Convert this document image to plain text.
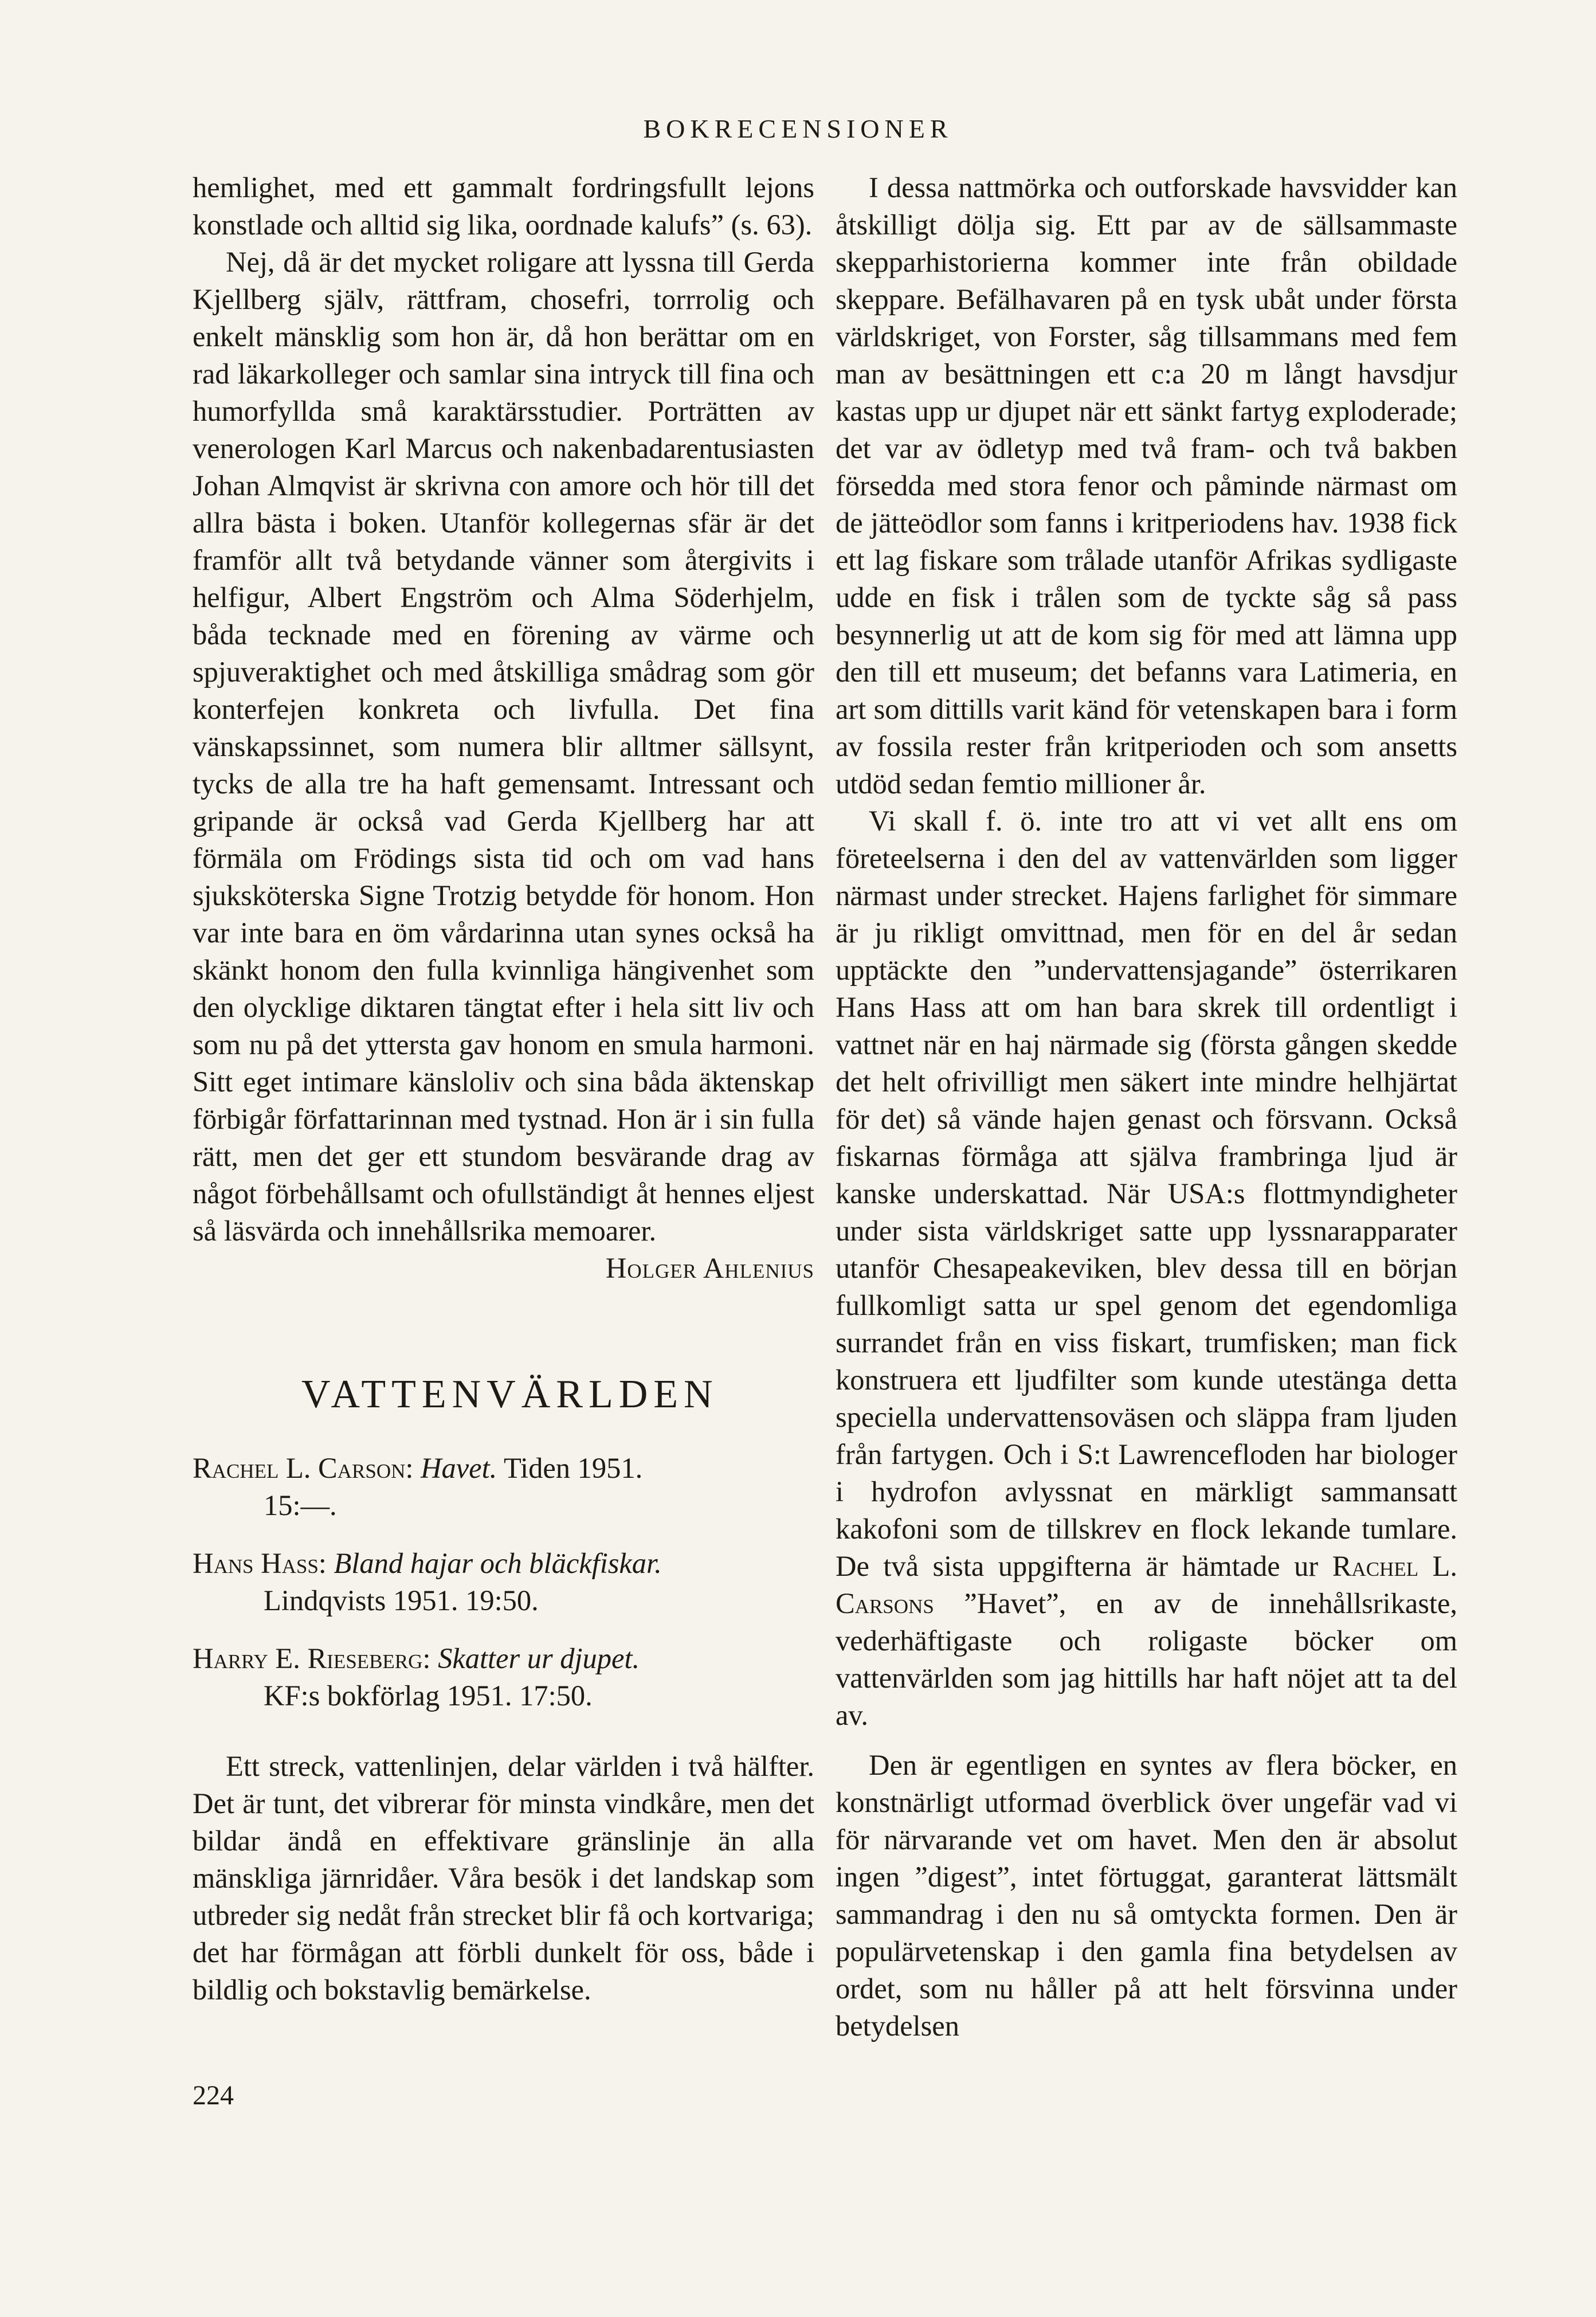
BOKRECENSIONER

hemlighet, med ett gammalt fordringsfullt lejons konstlade och alltid sig lika, oordnade kalufs” (s. 63).

Nej, då är det mycket roligare att lyssna till Gerda Kjellberg själv, rättfram, chosefri, torrrolig och enkelt mänsklig som hon är, då hon berättar om en rad läkarkolleger och samlar sina intryck till fina och humorfyllda små karaktärsstudier. Porträtten av venerologen Karl Marcus och nakenbadarentusiasten Johan Almqvist är skrivna con amore och hör till det allra bästa i boken. Utanför kollegernas sfär är det framför allt två betydande vänner som återgivits i helfigur, Albert Engström och Alma Söderhjelm, båda tecknade med en förening av värme och spjuveraktighet och med åtskilliga smådrag som gör konterfejen konkreta och livfulla. Det fina vänskapssinnet, som numera blir alltmer sällsynt, tycks de alla tre ha haft gemensamt. Intressant och gripande är också vad Gerda Kjellberg har att förmäla om Frödings sista tid och om vad hans sjuksköterska Signe Trotzig betydde för honom. Hon var inte bara en öm vårdarinna utan synes också ha skänkt honom den fulla kvinnliga hängivenhet som den olycklige diktaren tängtat efter i hela sitt liv och som nu på det yttersta gav honom en smula harmoni. Sitt eget intimare känsloliv och sina båda äktenskap förbigår författarinnan med tystnad. Hon är i sin fulla rätt, men det ger ett stundom besvärande drag av något förbehållsamt och ofullständigt åt hennes eljest så läsvärda och innehållsrika memoarer.

Holger Ahlenius

VATTENVÄRLDEN
Rachel L. Carson: Havet. Tiden 1951.
15:—.
Hans Hass: Bland hajar och bläckfiskar.
Lindqvists 1951. 19:50.
Harry E. Rieseberg: Skatter ur djupet.
KF:s bokförlag 1951. 17:50.

Ett streck, vattenlinjen, delar världen i två hälfter. Det är tunt, det vibrerar för minsta vindkåre, men det bildar ändå en effektivare gränslinje än alla mänskliga järnridåer. Våra besök i det landskap som utbreder sig nedåt från strecket blir få och kortvariga; det har förmågan att förbli dunkelt för oss, både i bildlig och bokstavlig bemärkelse.

I dessa nattmörka och outforskade havsvidder kan åtskilligt dölja sig. Ett par av de sällsammaste skepparhistorierna kommer inte från obildade skeppare. Befälhavaren på en tysk ubåt under första världskriget, von Forster, såg tillsammans med fem man av besättningen ett c:a 20 m långt havsdjur kastas upp ur djupet när ett sänkt fartyg exploderade; det var av ödletyp med två fram- och två bakben försedda med stora fenor och påminde närmast om de jätteödlor som fanns i kritperiodens hav. 1938 fick ett lag fiskare som trålade utanför Afrikas sydligaste udde en fisk i trålen som de tyckte såg så pass besynnerlig ut att de kom sig för med att lämna upp den till ett museum; det befanns vara Latimeria, en art som dittills varit känd för vetenskapen bara i form av fossila rester från kritperioden och som ansetts utdöd sedan femtio millioner år.

Vi skall f. ö. inte tro att vi vet allt ens om företeelserna i den del av vattenvärlden som ligger närmast under strecket. Hajens farlighet för simmare är ju rikligt omvittnad, men för en del år sedan upptäckte den ”undervattensjagande” österrikaren Hans Hass att om han bara skrek till ordentligt i vattnet när en haj närmade sig (första gången skedde det helt ofrivilligt men säkert inte mindre helhjärtat för det) så vände hajen genast och försvann. Också fiskarnas förmåga att själva frambringa ljud är kanske underskattad. När USA:s flottmyndigheter under sista världskriget satte upp lyssnarapparater utanför Chesapeakeviken, blev dessa till en början fullkomligt satta ur spel genom det egendomliga surrandet från en viss fiskart, trumfisken; man fick konstruera ett ljudfilter som kunde utestänga detta speciella undervattensoväsen och släppa fram ljuden från fartygen. Och i S:t Lawrencefloden har biologer i hydrofon avlyssnat en märkligt sammansatt kakofoni som de tillskrev en flock lekande tumlare. De två sista uppgifterna är hämtade ur Rachel L. Carsons ”Havet”, en av de innehållsrikaste, vederhäftigaste och roligaste böcker om vattenvärlden som jag hittills har haft nöjet att ta del av.

Den är egentligen en syntes av flera böcker, en konstnärligt utformad överblick över ungefär vad vi för närvarande vet om havet. Men den är absolut ingen ”digest”, intet förtuggat, garanterat lättsmält sammandrag i den nu så omtyckta formen. Den är populärvetenskap i den gamla fina betydelsen av ordet, som nu håller på att helt försvinna under betydelsen

224
